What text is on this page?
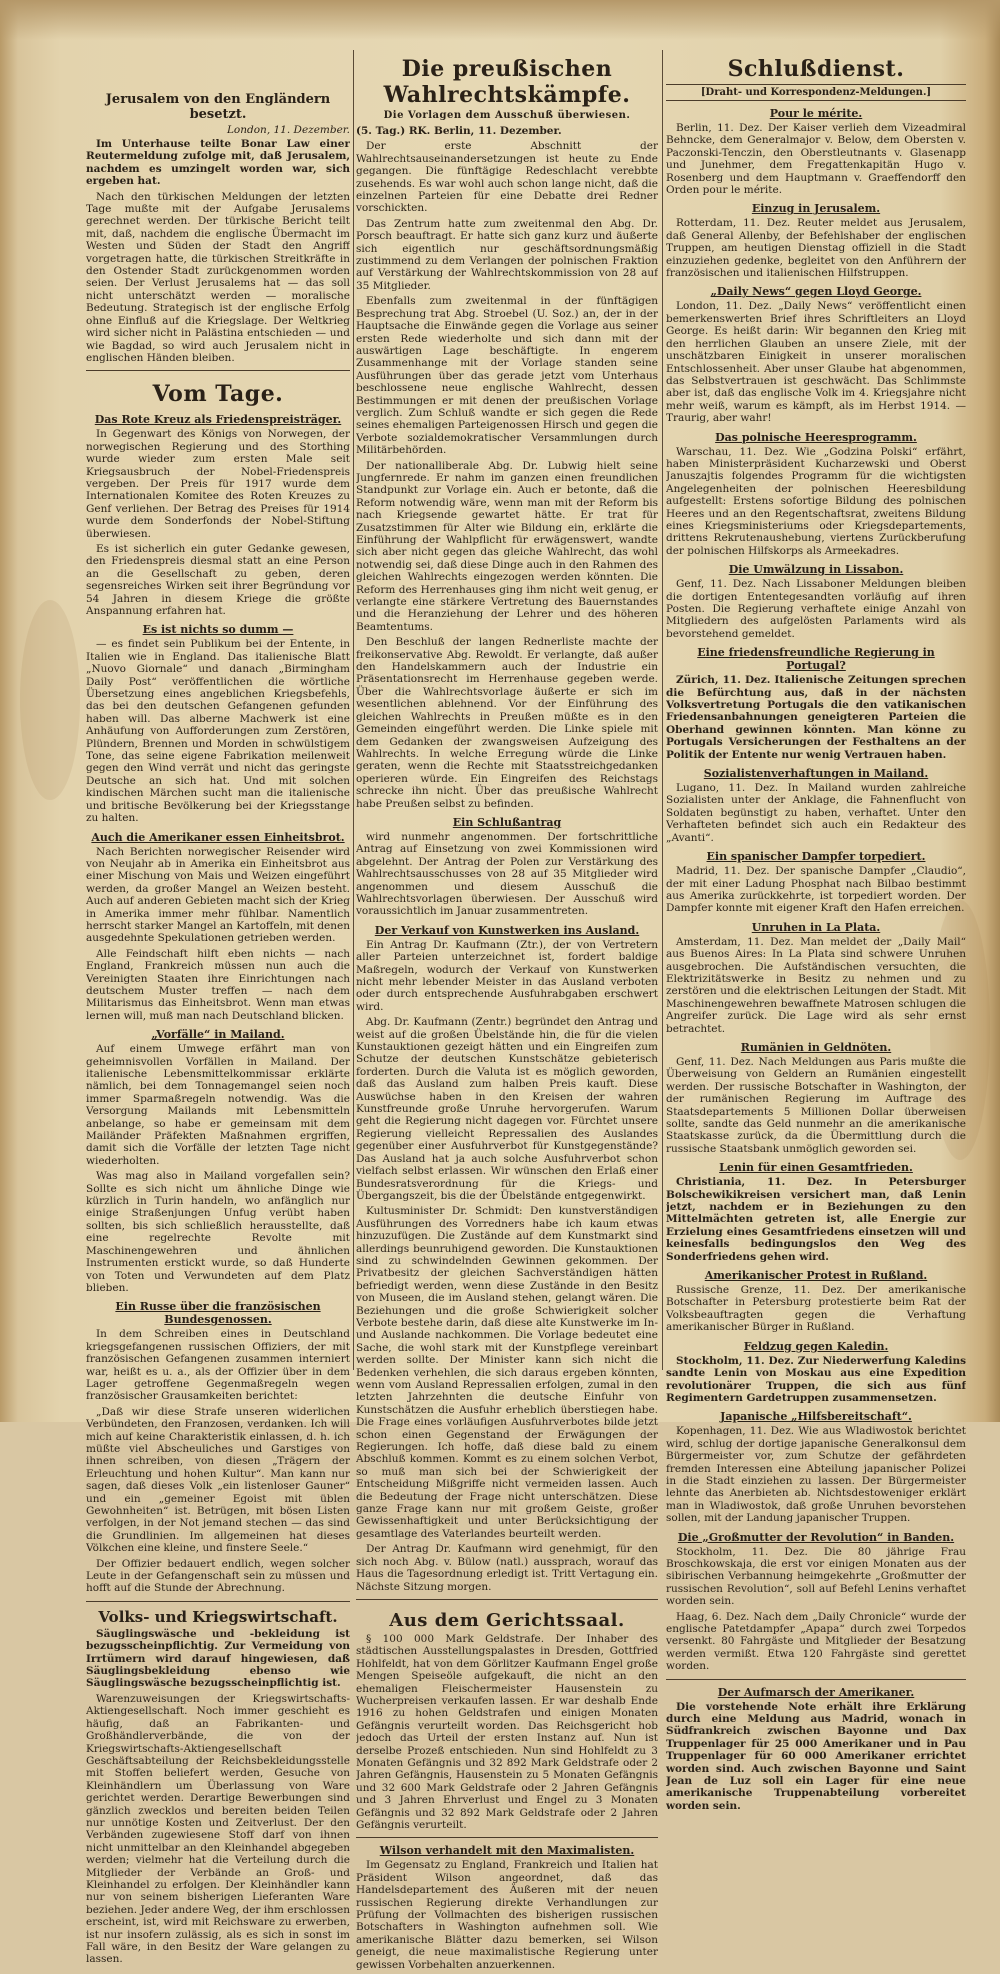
Jerusalem von den Engländern besetzt.
London, 11. Dezember.

Im Unterhause teilte Bonar Law einer Reutermeldung zufolge mit, daß Jerusalem, nachdem es umzingelt worden war, sich ergeben hat.

Nach den türkischen Meldungen der letzten Tage mußte mit der Aufgabe Jerusalems gerechnet werden. Der türkische Bericht teilt mit, daß, nachdem die englische Übermacht im Westen und Süden der Stadt den Angriff vorgetragen hatte, die türkischen Streitkräfte in den Ostender Stadt zurückgenommen worden seien. Der Verlust Jerusalems hat — das soll nicht unterschätzt werden — moralische Bedeutung. Strategisch ist der englische Erfolg ohne Einfluß auf die Kriegslage. Der Weltkrieg wird sicher nicht in Palästina entschieden — und wie Bagdad, so wird auch Jerusalem nicht in englischen Händen bleiben.

Vom Tage.
Das Rote Kreuz als Friedenspreisträger.

In Gegenwart des Königs von Norwegen, der norwegischen Regierung und des Storthing wurde wieder zum ersten Male seit Kriegsausbruch der Nobel-Friedenspreis vergeben. Der Preis für 1917 wurde dem Internationalen Komitee des Roten Kreuzes zu Genf verliehen. Der Betrag des Preises für 1914 wurde dem Sonderfonds der Nobel-Stiftung überwiesen.

Es ist sicherlich ein guter Gedanke gewesen, den Friedenspreis diesmal statt an eine Person an die Gesellschaft zu geben, deren segensreiches Wirken seit ihrer Begründung vor 54 Jahren in diesem Kriege die größte Anspannung erfahren hat.

Es ist nichts so dumm —

— es findet sein Publikum bei der Entente, in Italien wie in England. Das italienische Blatt „Nuovo Giornale“ und danach „Birmingham Daily Post“ veröffentlichen die wörtliche Übersetzung eines angeblichen Kriegsbefehls, das bei den deutschen Gefangenen gefunden haben will. Das alberne Machwerk ist eine Anhäufung von Aufforderungen zum Zerstören, Plündern, Brennen und Morden in schwülstigem Tone, das seine eigene Fabrikation meilenweit gegen den Wind verrät und nicht das geringste Deutsche an sich hat. Und mit solchen kindischen Märchen sucht man die italienische und britische Bevölkerung bei der Kriegsstange zu halten.

Auch die Amerikaner essen Einheitsbrot.

Nach Berichten norwegischer Reisender wird von Neujahr ab in Amerika ein Einheitsbrot aus einer Mischung von Mais und Weizen eingeführt werden, da großer Mangel an Weizen besteht. Auch auf anderen Gebieten macht sich der Krieg in Amerika immer mehr fühlbar. Namentlich herrscht starker Mangel an Kartoffeln, mit denen ausgedehnte Spekulationen getrieben werden.

Alle Feindschaft hilft eben nichts — nach England, Frankreich müssen nun auch die Vereinigten Staaten ihre Einrichtungen nach deutschem Muster treffen — nach dem Militarismus das Einheitsbrot. Wenn man etwas lernen will, muß man nach Deutschland blicken.

„Vorfälle“ in Mailand.

Auf einem Umwege erfährt man von geheimnisvollen Vorfällen in Mailand. Der italienische Lebensmittelkommissar erklärte nämlich, bei dem Tonnagemangel seien noch immer Sparmaßregeln notwendig. Was die Versorgung Mailands mit Lebensmitteln anbelange, so habe er gemeinsam mit dem Mailänder Präfekten Maßnahmen ergriffen, damit sich die Vorfälle der letzten Tage nicht wiederholten.

Was mag also in Mailand vorgefallen sein? Sollte es sich nicht um ähnliche Dinge wie kürzlich in Turin handeln, wo anfänglich nur einige Straßenjungen Unfug verübt haben sollten, bis sich schließlich herausstellte, daß eine regelrechte Revolte mit Maschinengewehren und ähnlichen Instrumenten erstickt wurde, so daß Hunderte von Toten und Verwundeten auf dem Platz blieben.

Ein Russe über die französischen Bundesgenossen.

In dem Schreiben eines in Deutschland kriegsgefangenen russischen Offiziers, der mit französischen Gefangenen zusammen interniert war, heißt es u. a., als der Offizier über in dem Lager getroffene Gegenmaßregeln wegen französischer Grausamkeiten berichtet:

„Daß wir diese Strafe unseren widerlichen Verbündeten, den Franzosen, verdanken. Ich will mich auf keine Charakteristik einlassen, d. h. ich müßte viel Abscheuliches und Garstiges von ihnen schreiben, von diesen „Trägern der Erleuchtung und hohen Kultur“. Man kann nur sagen, daß dieses Volk „ein listenloser Gauner“ und ein „gemeiner Egoist mit üblen Gewohnheiten“ ist. Betrügen, mit bösen Listen verfolgen, in der Not jemand stechen — das sind die Grundlinien. Im allgemeinen hat dieses Völkchen eine kleine, und finstere Seele.“

Der Offizier bedauert endlich, wegen solcher Leute in der Gefangenschaft sein zu müssen und hofft auf die Stunde der Abrechnung.

Volks- und Kriegswirtschaft.

Säuglingswäsche und -bekleidung ist bezugsscheinpflichtig. Zur Vermeidung von Irrtümern wird darauf hingewiesen, daß Säuglingsbekleidung ebenso wie Säuglingswäsche bezugsscheinpflichtig ist.

Warenzuweisungen der Kriegswirtschafts-Aktiengesellschaft. Noch immer geschieht es häufig, daß an Fabrikanten- und Großhändlerverbände, die von der Kriegswirtschafts-Aktiengesellschaft Geschäftsabteilung der Reichsbekleidungsstelle mit Stoffen beliefert werden, Gesuche von Kleinhändlern um Überlassung von Ware gerichtet werden. Derartige Bewerbungen sind gänzlich zwecklos und bereiten beiden Teilen nur unnötige Kosten und Zeitverlust. Der den Verbänden zugewiesene Stoff darf von ihnen nicht unmittelbar an den Kleinhandel abgegeben werden; vielmehr hat die Verteilung durch die Mitglieder der Verbände an Groß- und Kleinhandel zu erfolgen. Der Kleinhändler kann nur von seinem bisherigen Lieferanten Ware beziehen. Jeder andere Weg, der ihm erschlossen erscheint, ist, wird mit Reichsware zu erwerben, ist nur insofern zulässig, als es sich in sonst im Fall wäre, in den Besitz der Ware gelangen zu lassen.

Die preußischen Wahlrechtskämpfe.
Die Vorlagen dem Ausschuß überwiesen.
(5. Tag.) RK. Berlin, 11. Dezember.

Der erste Abschnitt der Wahlrechtsauseinandersetzungen ist heute zu Ende gegangen. Die fünftägige Redeschlacht verebbte zusehends. Es war wohl auch schon lange nicht, daß die einzelnen Parteien für eine Debatte drei Redner vorschickten.

Das Zentrum hatte zum zweitenmal den Abg. Dr. Porsch beauftragt. Er hatte sich ganz kurz und äußerte sich eigentlich nur geschäftsordnungsmäßig zustimmend zu dem Verlangen der polnischen Fraktion auf Verstärkung der Wahlrechtskommission von 28 auf 35 Mitglieder.

Ebenfalls zum zweitenmal in der fünftägigen Besprechung trat Abg. Stroebel (U. Soz.) an, der in der Hauptsache die Einwände gegen die Vorlage aus seiner ersten Rede wiederholte und sich dann mit der auswärtigen Lage beschäftigte. In engerem Zusammenhange mit der Vorlage standen seine Ausführungen über das gerade jetzt vom Unterhaus beschlossene neue englische Wahlrecht, dessen Bestimmungen er mit denen der preußischen Vorlage verglich. Zum Schluß wandte er sich gegen die Rede seines ehemaligen Parteigenossen Hirsch und gegen die Verbote sozialdemokratischer Versammlungen durch Militärbehörden.

Der nationalliberale Abg. Dr. Lubwig hielt seine Jungfernrede. Er nahm im ganzen einen freundlichen Standpunkt zur Vorlage ein. Auch er betonte, daß die Reform notwendig wäre, wenn man mit der Reform bis nach Kriegsende gewartet hätte. Er trat für Zusatzstimmen für Alter wie Bildung ein, erklärte die Einführung der Wahlpflicht für erwägenswert, wandte sich aber nicht gegen das gleiche Wahlrecht, das wohl notwendig sei, daß diese Dinge auch in den Rahmen des gleichen Wahlrechts eingezogen werden könnten. Die Reform des Herrenhauses ging ihm nicht weit genug, er verlangte eine stärkere Vertretung des Bauernstandes und die Heranziehung der Lehrer und des höheren Beamtentums.

Den Beschluß der langen Rednerliste machte der freikonservative Abg. Rewoldt. Er verlangte, daß außer den Handelskammern auch der Industrie ein Präsentationsrecht im Herrenhause gegeben werde. Über die Wahlrechtsvorlage äußerte er sich im wesentlichen ablehnend. Vor der Einführung des gleichen Wahlrechts in Preußen müßte es in den Gemeinden eingeführt werden. Die Linke spiele mit dem Gedanken der zwangsweisen Aufzeigung des Wahlrechts. In welche Erregung würde die Linke geraten, wenn die Rechte mit Staatsstreichgedanken operieren würde. Ein Eingreifen des Reichstags schrecke ihn nicht. Über das preußische Wahlrecht habe Preußen selbst zu befinden.

Ein Schlußantrag

wird nunmehr angenommen. Der fortschrittliche Antrag auf Einsetzung von zwei Kommissionen wird abgelehnt. Der Antrag der Polen zur Verstärkung des Wahlrechtsausschusses von 28 auf 35 Mitglieder wird angenommen und diesem Ausschuß die Wahlrechtsvorlagen überwiesen. Der Ausschuß wird voraussichtlich im Januar zusammentreten.

Der Verkauf von Kunstwerken ins Ausland.

Ein Antrag Dr. Kaufmann (Ztr.), der von Vertretern aller Parteien unterzeichnet ist, fordert baldige Maßregeln, wodurch der Verkauf von Kunstwerken nicht mehr lebender Meister in das Ausland verboten oder durch entsprechende Ausfuhrabgaben erschwert wird.

Abg. Dr. Kaufmann (Zentr.) begründet den Antrag und weist auf die großen Übelstände hin, die für die vielen Kunstauktionen gezeigt hätten und ein Eingreifen zum Schutze der deutschen Kunstschätze gebieterisch forderten. Durch die Valuta ist es möglich geworden, daß das Ausland zum halben Preis kauft. Diese Auswüchse haben in den Kreisen der wahren Kunstfreunde große Unruhe hervorgerufen. Warum geht die Regierung nicht dagegen vor. Fürchtet unsere Regierung vielleicht Repressalien des Auslandes gegenüber einer Ausfuhrverbot für Kunstgegenstände? Das Ausland hat ja auch solche Ausfuhrverbot schon vielfach selbst erlassen. Wir wünschen den Erlaß einer Bundesratsverordnung für die Kriegs- und Übergangszeit, bis die der Übelstände entgegenwirkt.

Kultusminister Dr. Schmidt: Den kunstverständigen Ausführungen des Vorredners habe ich kaum etwas hinzuzufügen. Die Zustände auf dem Kunstmarkt sind allerdings beunruhigend geworden. Die Kunstauktionen sind zu schwindelnden Gewinnen gekommen. Der Privatbesitz der gleichen Sachverständigen hätten befriedigt werden, wenn diese Zustände in den Besitz von Museen, die im Ausland stehen, gelangt wären. Die Beziehungen und die große Schwierigkeit solcher Verbote bestehe darin, daß diese alte Kunstwerke im In- und Auslande nachkommen. Die Vorlage bedeutet eine Sache, die wohl stark mit der Kunstpflege vereinbart werden sollte. Der Minister kann sich nicht die Bedenken verhehlen, die sich daraus ergeben könnten, wenn vom Ausland Repressalien erfolgen, zumal in den letzten Jahrzehnten die deutsche Einfuhr von Kunstschätzen die Ausfuhr erheblich überstiegen habe. Die Frage eines vorläufigen Ausfuhrverbotes bilde jetzt schon einen Gegenstand der Erwägungen der Regierungen. Ich hoffe, daß diese bald zu einem Abschluß kommen. Kommt es zu einem solchen Verbot, so muß man sich bei der Schwierigkeit der Entscheidung Mißgriffe nicht vermeiden lassen. Auch die Bedeutung der Frage nicht unterschätzen. Diese ganze Frage kann nur mit großem Geiste, großer Gewissenhaftigkeit und unter Berücksichtigung der gesamtlage des Vaterlandes beurteilt werden.

Der Antrag Dr. Kaufmann wird genehmigt, für den sich noch Abg. v. Bülow (natl.) aussprach, worauf das Haus die Tagesordnung erledigt ist. Tritt Vertagung ein. Nächste Sitzung morgen.

Aus dem Gerichtssaal.

§ 100 000 Mark Geldstrafe. Der Inhaber des städtischen Ausstellungspalastes in Dresden, Gottfried Hohlfeldt, hat von dem Görlitzer Kaufmann Engel große Mengen Speiseöle aufgekauft, die nicht an den ehemaligen Fleischermeister Hausenstein zu Wucherpreisen verkaufen lassen. Er war deshalb Ende 1916 zu hohen Geldstrafen und einigen Monaten Gefängnis verurteilt worden. Das Reichsgericht hob jedoch das Urteil der ersten Instanz auf. Nun ist derselbe Prozeß entschieden. Nun sind Hohlfeldt zu 3 Monaten Gefängnis und 32 892 Mark Geldstrafe oder 2 Jahren Gefängnis, Hausenstein zu 5 Monaten Gefängnis und 32 600 Mark Geldstrafe oder 2 Jahren Gefängnis und 3 Jahren Ehrverlust und Engel zu 3 Monaten Gefängnis und 32 892 Mark Geldstrafe oder 2 Jahren Gefängnis verurteilt.

Wilson verhandelt mit den Maximalisten.

Im Gegensatz zu England, Frankreich und Italien hat Präsident Wilson angeordnet, daß das Handelsdepartement des Äußeren mit der neuen russischen Regierung direkte Verhandlungen zur Prüfung der Vollmachten des bisherigen russischen Botschafters in Washington aufnehmen soll. Wie amerikanische Blätter dazu bemerken, sei Wilson geneigt, die neue maximalistische Regierung unter gewissen Vorbehalten anzuerkennen.

Schlußdienst.
[Draht- und Korrespondenz-Meldungen.]
Pour le mérite.

Berlin, 11. Dez. Der Kaiser verlieh dem Vizeadmiral Behncke, dem Generalmajor v. Below, dem Obersten v. Paczonski-Tenczin, den Oberstleutnants v. Glasenapp und Junehmer, dem Fregattenkapitän Hugo v. Rosenberg und dem Hauptmann v. Graeffendorff den Orden pour le mérite.

Einzug in Jerusalem.

Rotterdam, 11. Dez. Reuter meldet aus Jerusalem, daß General Allenby, der Befehlshaber der englischen Truppen, am heutigen Dienstag offiziell in die Stadt einzuziehen gedenke, begleitet von den Anführern der französischen und italienischen Hilfstruppen.

„Daily News“ gegen Lloyd George.

London, 11. Dez. „Daily News“ veröffentlicht einen bemerkenswerten Brief ihres Schriftleiters an Lloyd George. Es heißt darin: Wir begannen den Krieg mit den herrlichen Glauben an unsere Ziele, mit der unschätzbaren Einigkeit in unserer moralischen Entschlossenheit. Aber unser Glaube hat abgenommen, das Selbstvertrauen ist geschwächt. Das Schlimmste aber ist, daß das englische Volk im 4. Kriegsjahre nicht mehr weiß, warum es kämpft, als im Herbst 1914. — Traurig, aber wahr!

Das polnische Heeresprogramm.

Warschau, 11. Dez. Wie „Godzina Polski“ erfährt, haben Ministerpräsident Kucharzewski und Oberst Januszajtis folgendes Programm für die wichtigsten Angelegenheiten der polnischen Heeresbildung aufgestellt: Erstens sofortige Bildung des polnischen Heeres und an den Regentschaftsrat, zweitens Bildung eines Kriegsministeriums oder Kriegsdepartements, drittens Rekrutenaushebung, viertens Zurückberufung der polnischen Hilfskorps als Armeekadres.

Die Umwälzung in Lissabon.

Genf, 11. Dez. Nach Lissaboner Meldungen bleiben die dortigen Ententegesandten vorläufig auf ihren Posten. Die Regierung verhaftete einige Anzahl von Mitgliedern des aufgelösten Parlaments wird als bevorstehend gemeldet.

Eine friedensfreundliche Regierung in Portugal?

Zürich, 11. Dez. Italienische Zeitungen sprechen die Befürchtung aus, daß in der nächsten Volksvertretung Portugals die den vatikanischen Friedensanbahnungen geneigteren Parteien die Oberhand gewinnen könnten. Man könne zu Portugals Versicherungen der Festhaltens an der Politik der Entente nur wenig Vertrauen haben.

Sozialistenverhaftungen in Mailand.

Lugano, 11. Dez. In Mailand wurden zahlreiche Sozialisten unter der Anklage, die Fahnenflucht von Soldaten begünstigt zu haben, verhaftet. Unter den Verhafteten befindet sich auch ein Redakteur des „Avanti“.

Ein spanischer Dampfer torpediert.

Madrid, 11. Dez. Der spanische Dampfer „Claudio“, der mit einer Ladung Phosphat nach Bilbao bestimmt aus Amerika zurückkehrte, ist torpediert worden. Der Dampfer konnte mit eigener Kraft den Hafen erreichen.

Unruhen in La Plata.

Amsterdam, 11. Dez. Man meldet der „Daily Mail“ aus Buenos Aires: In La Plata sind schwere Unruhen ausgebrochen. Die Aufständischen versuchten, die Elektrizitätswerke in Besitz zu nehmen und zu zerstören und die elektrischen Leitungen der Stadt. Mit Maschinengewehren bewaffnete Matrosen schlugen die Angreifer zurück. Die Lage wird als sehr ernst betrachtet.

Rumänien in Geldnöten.

Genf, 11. Dez. Nach Meldungen aus Paris mußte die Überweisung von Geldern an Rumänien eingestellt werden. Der russische Botschafter in Washington, der der rumänischen Regierung im Auftrage des Staatsdepartements 5 Millionen Dollar überweisen sollte, sandte das Geld nunmehr an die amerikanische Staatskasse zurück, da die Übermittlung durch die russische Staatsbank unmöglich geworden sei.

Lenin für einen Gesamtfrieden.

Christiania, 11. Dez. In Petersburger Bolschewikikreisen versichert man, daß Lenin jetzt, nachdem er in Beziehungen zu den Mittelmächten getreten ist, alle Energie zur Erzielung eines Gesamtfriedens einsetzen will und keinesfalls bedingungslos den Weg des Sonderfriedens gehen wird.

Amerikanischer Protest in Rußland.

Russische Grenze, 11. Dez. Der amerikanische Botschafter in Petersburg protestierte beim Rat der Volksbeauftragten gegen die Verhaftung amerikanischer Bürger in Rußland.

Feldzug gegen Kaledin.

Stockholm, 11. Dez. Zur Niederwerfung Kaledins sandte Lenin von Moskau aus eine Expedition revolutionärer Truppen, die sich aus fünf Regimentern Gardetruppen zusammensetzen.

Japanische „Hilfsbereitschaft“.

Kopenhagen, 11. Dez. Wie aus Wladiwostok berichtet wird, schlug der dortige japanische Generalkonsul dem Bürgermeister vor, zum Schutze der gefährdeten fremden Interessen eine Abteilung japanischer Polizei in die Stadt einziehen zu lassen. Der Bürgermeister lehnte das Anerbieten ab. Nichtsdestoweniger erklärt man in Wladiwostok, daß große Unruhen bevorstehen sollen, mit der Landung japanischer Truppen.

Die „Großmutter der Revolution“ in Banden.

Stockholm, 11. Dez. Die 80 jährige Frau Broschkowskaja, die erst vor einigen Monaten aus der sibirischen Verbannung heimgekehrte „Großmutter der russischen Revolution“, soll auf Befehl Lenins verhaftet worden sein.

Haag, 6. Dez. Nach dem „Daily Chronicle“ wurde der englische Patetdampfer „Apapa“ durch zwei Torpedos versenkt. 80 Fahrgäste und Mitglieder der Besatzung werden vermißt. Etwa 120 Fahrgäste sind gerettet worden.

Der Aufmarsch der Amerikaner.

Die vorstehende Note erhält ihre Erklärung durch eine Meldung aus Madrid, wonach in Südfrankreich zwischen Bayonne und Dax Truppenlager für 25 000 Amerikaner und in Pau Truppenlager für 60 000 Amerikaner errichtet worden sind. Auch zwischen Bayonne und Saint Jean de Luz soll ein Lager für eine neue amerikanische Truppenabteilung vorbereitet worden sein.
